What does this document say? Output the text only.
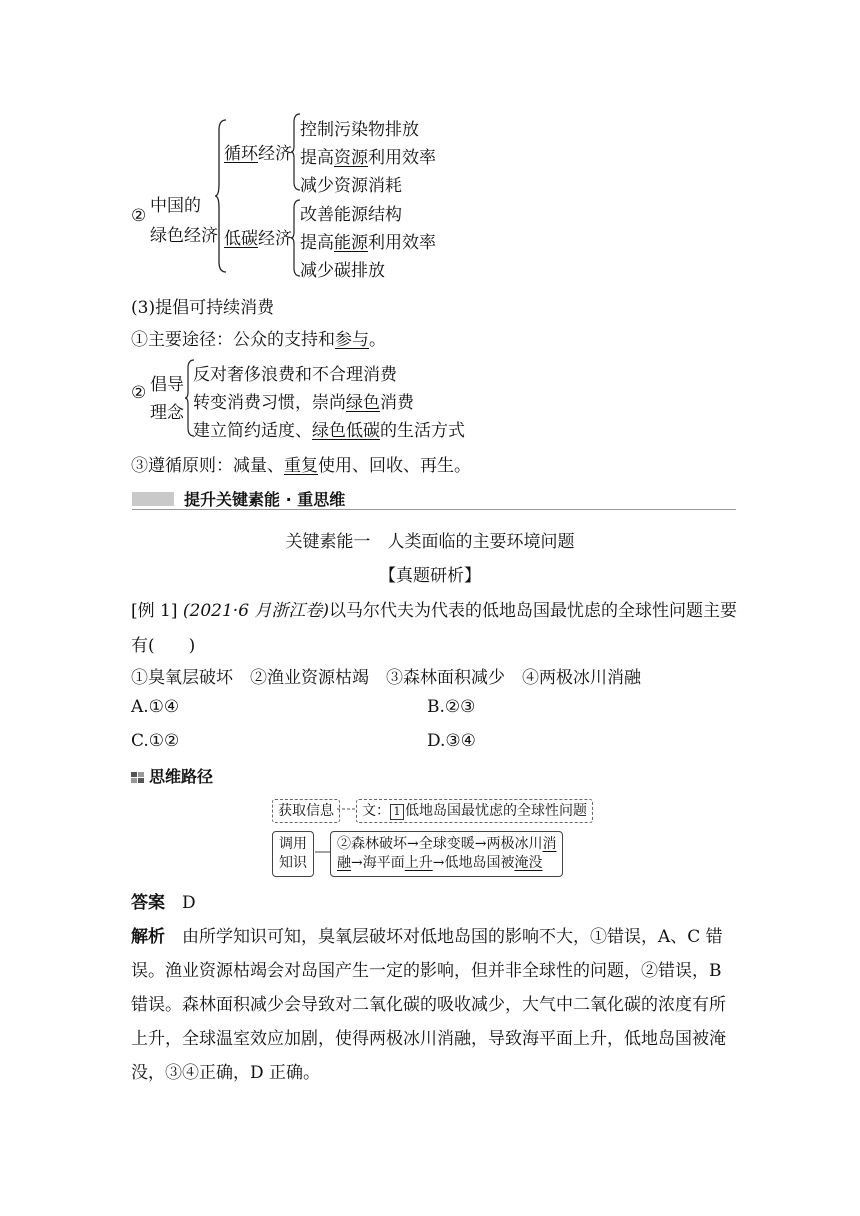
② 中国的
绿色经济
循环经济
控制污染物排放
提高资源利用效率
减少资源消耗
低碳经济
改善能源结构
提高能源利用效率
减少碳排放
(3)提倡可持续消费
①主要途径：公众的支持和参与。
② 倡导
理念
反对奢侈浪费和不合理消费
转变消费习惯，崇尚绿色消费
建立简约适度、绿色低碳的生活方式
③遵循原则：减量、重复使用、回收、再生。
提升关键素能 · 重思维
关键素能一　人类面临的主要环境问题
【真题研析】
[例 1] (2021·6 月浙江卷)以马尔代夫为代表的低地岛国最忧虑的全球性问题主要
有(　　)
①臭氧层破坏　②渔业资源枯竭　③森林面积减少　④两极冰川消融
A.①④	B.②③
C.①②	D.③④
思维路径
获取信息	文： 1 低地岛国最忧虑的全球性问题
调用
知识
②森林破坏→全球变暖→两极冰川消
融→海平面上升→低地岛国被淹没
答案　 D
解析　 由所学知识可知，臭氧层破坏对低地岛国的影响不大，①错误，A、C 错
误。渔业资源枯竭会对岛国产生一定的影响，但并非全球性的问题，②错误，B
错误。森林面积减少会导致对二氧化碳的吸收减少，大气中二氧化碳的浓度有所
上升，全球温室效应加剧，使得两极冰川消融，导致海平面上升，低地岛国被淹
没，③④正确，D 正确。
